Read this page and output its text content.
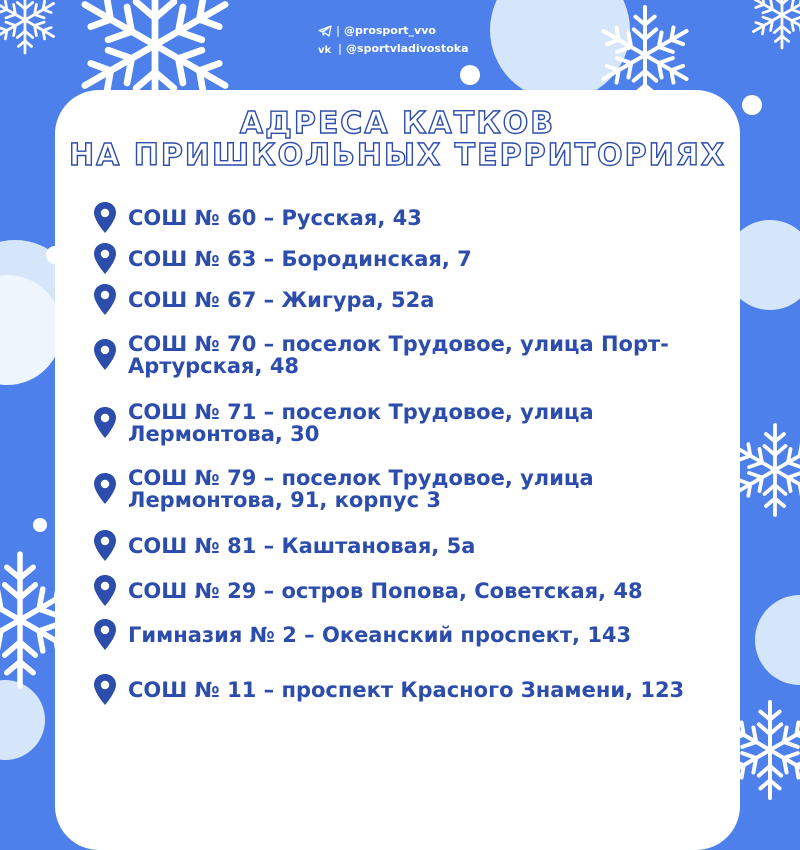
| @prosport_vvo
vk | @sportvladivostoka
АДРЕСА КАТКОВ
НА ПРИШКОЛЬНЫХ ТЕРРИТОРИЯХ
СОШ № 60 – Русская, 43
СОШ № 63 – Бородинская, 7
СОШ № 67 – Жигура, 52а
СОШ № 70 – поселок Трудовое, улица Порт-Артурская, 48
СОШ № 71 – поселок Трудовое, улица Лермонтова, 30
СОШ № 79 – поселок Трудовое, улица Лермонтова, 91, корпус 3
СОШ № 81 – Каштановая, 5а
СОШ № 29 – остров Попова, Советская, 48
Гимназия № 2 – Океанский проспект, 143
СОШ № 11 – проспект Красного Знамени, 123
